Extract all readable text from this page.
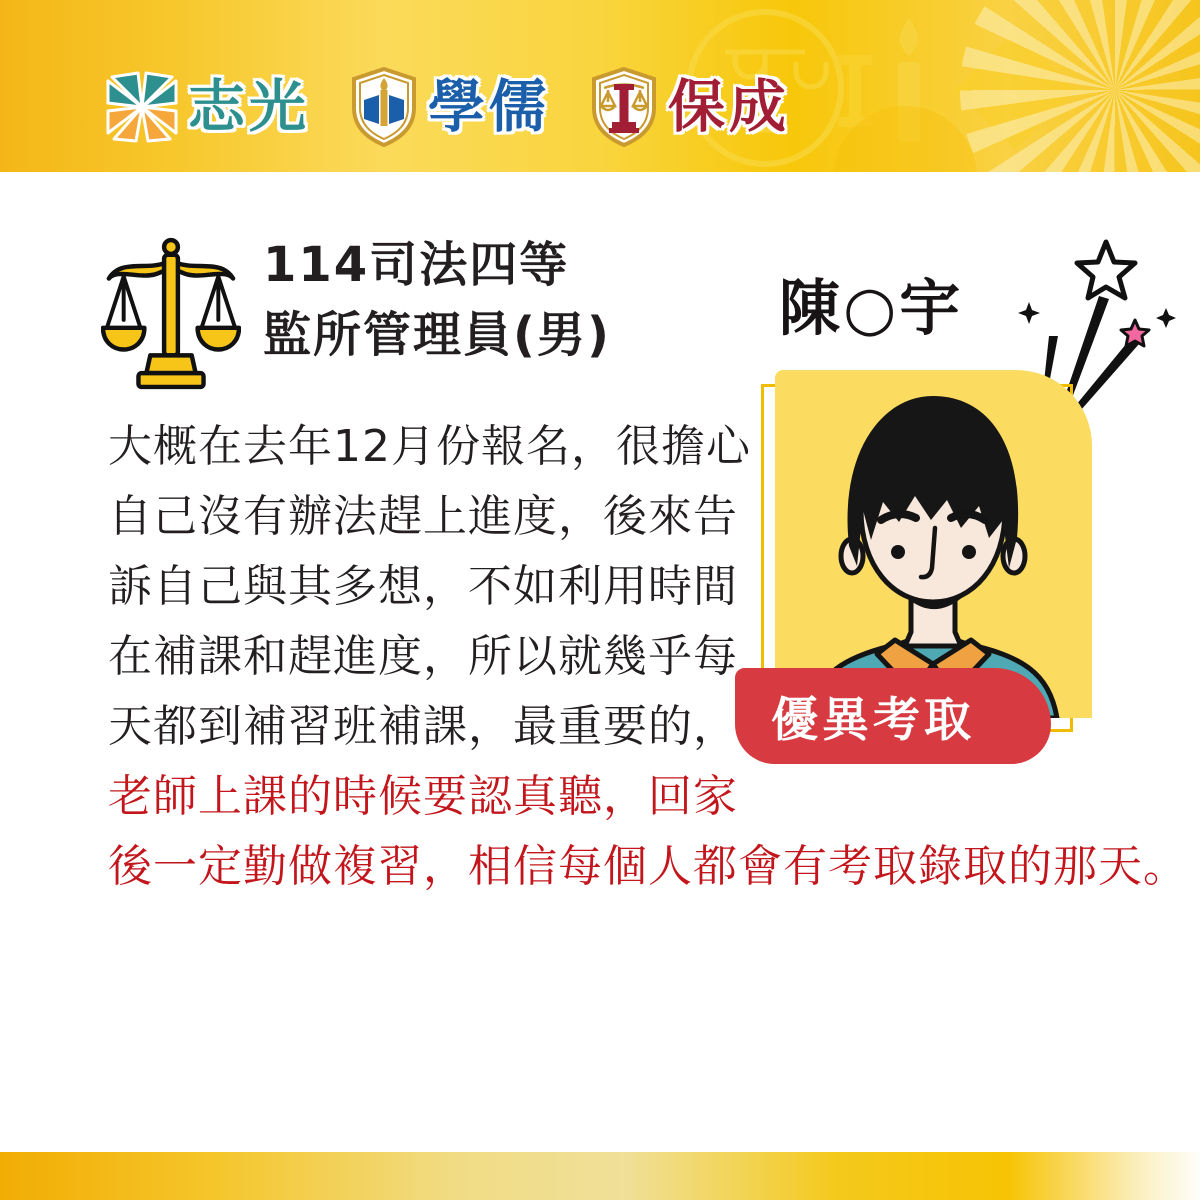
志光 學儒 保成
114司法四等
監所管理員(男)	陳○宇
優異考取
大概在去年12月份報名，很擔心
自己沒有辦法趕上進度，後來告
訴自己與其多想，不如利用時間
在補課和趕進度，所以就幾乎每
天都到補習班補課，最重要的，
老師上課的時候要認真聽，回家
後一定勤做複習，相信每個人都會有考取錄取的那天。
